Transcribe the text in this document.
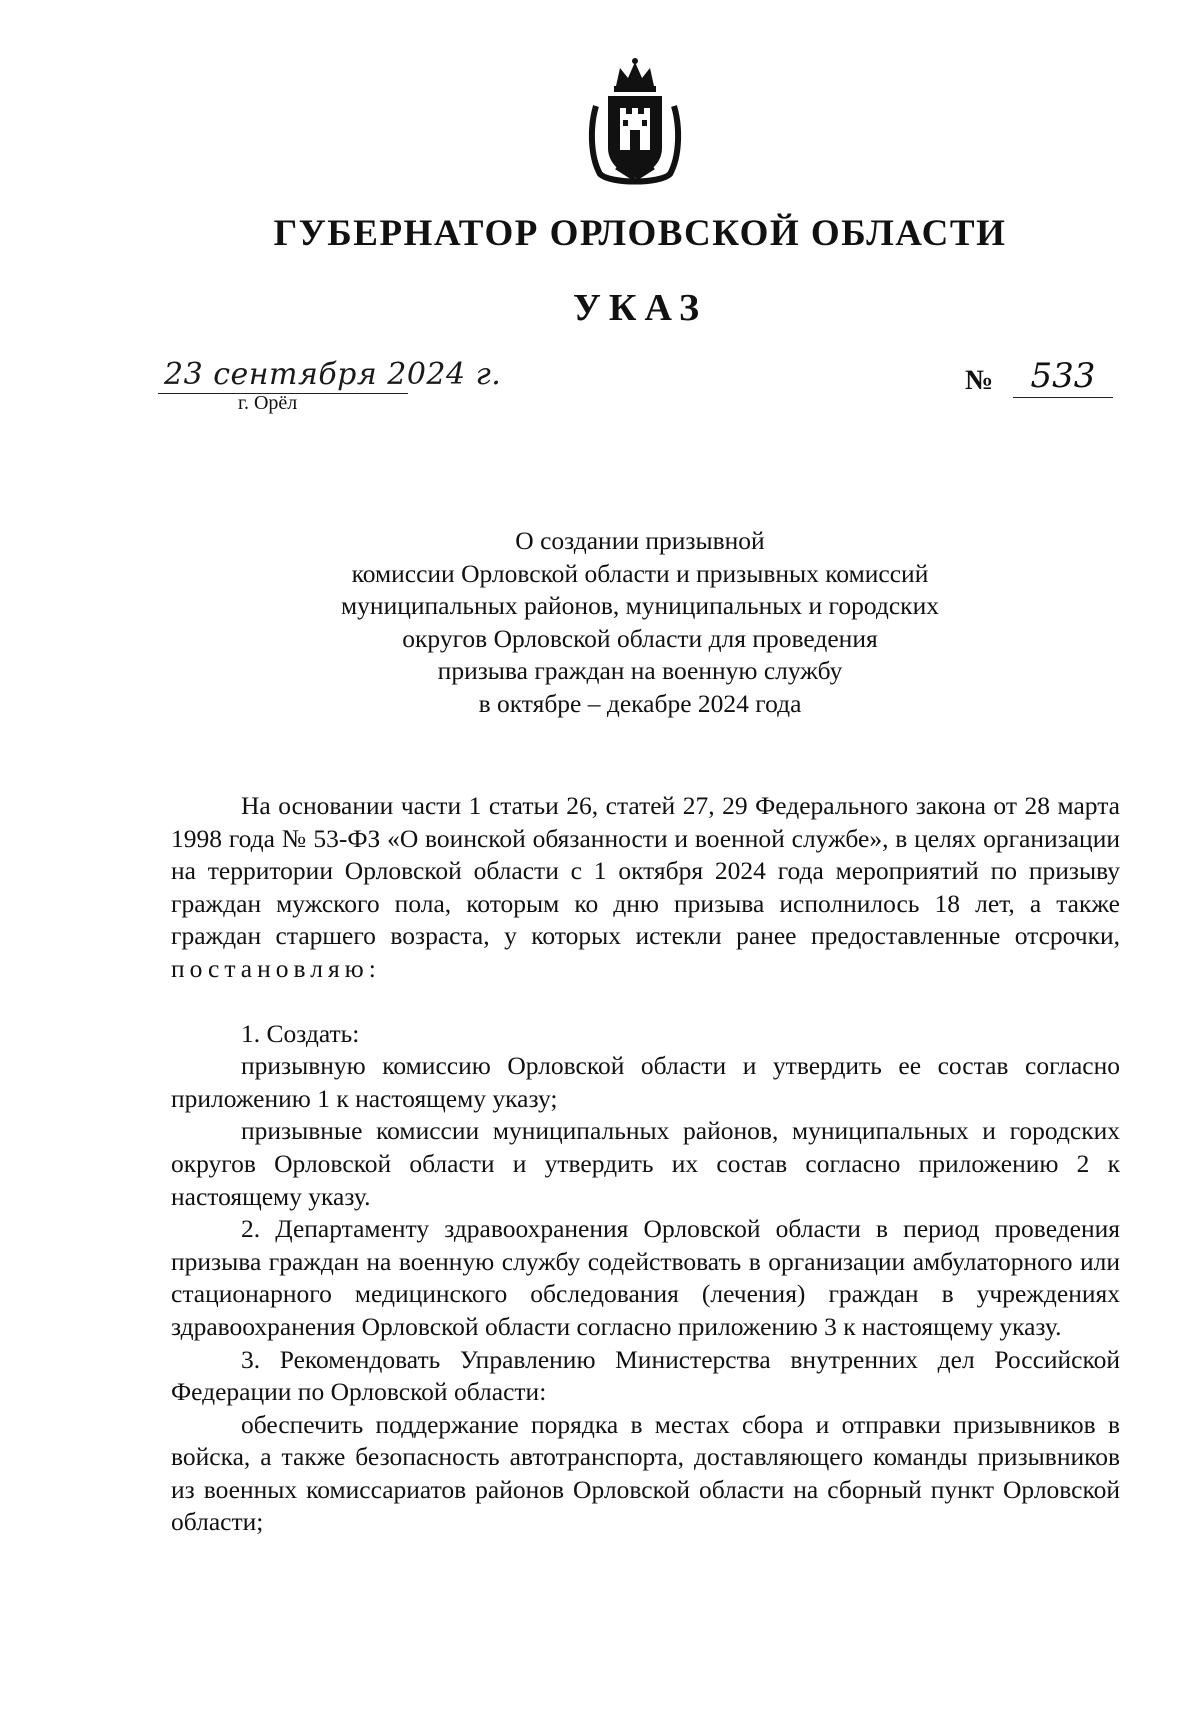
ГУБЕРНАТОР ОРЛОВСКОЙ ОБЛАСТИ
УКАЗ
23 сентября 2024 г.
г. Орёл
№	533
О создании призывной
комиссии Орловской области и призывных комиссий
муниципальных районов, муниципальных и городских
округов Орловской области для проведения
призыва граждан на военную службу
в октябре – декабре 2024 года

На основании части 1 статьи 26, статей 27, 29 Федерального закона от 28 марта 1998 года № 53-ФЗ «О воинской обязанности и военной службе», в целях организации на территории Орловской области с 1 октября 2024 года мероприятий по призыву граждан мужского пола, которым ко дню призыва исполнилось 18 лет, а также граждан старшего возраста, у которых истекли ранее предоставленные отсрочки, постановляю:

1. Создать:

призывную комиссию Орловской области и утвердить ее состав согласно приложению 1 к настоящему указу;

призывные комиссии муниципальных районов, муниципальных и городских округов Орловской области и утвердить их состав согласно приложению 2 к настоящему указу.

2. Департаменту здравоохранения Орловской области в период проведения призыва граждан на военную службу содействовать в организации амбулаторного или стационарного медицинского обследования (лечения) граждан в учреждениях здравоохранения Орловской области согласно приложению 3 к настоящему указу.

3. Рекомендовать Управлению Министерства внутренних дел Российской Федерации по Орловской области:

обеспечить поддержание порядка в местах сбора и отправки призывников в войска, а также безопасность автотранспорта, доставляющего команды призывников из военных комиссариатов районов Орловской области на сборный пункт Орловской области;
